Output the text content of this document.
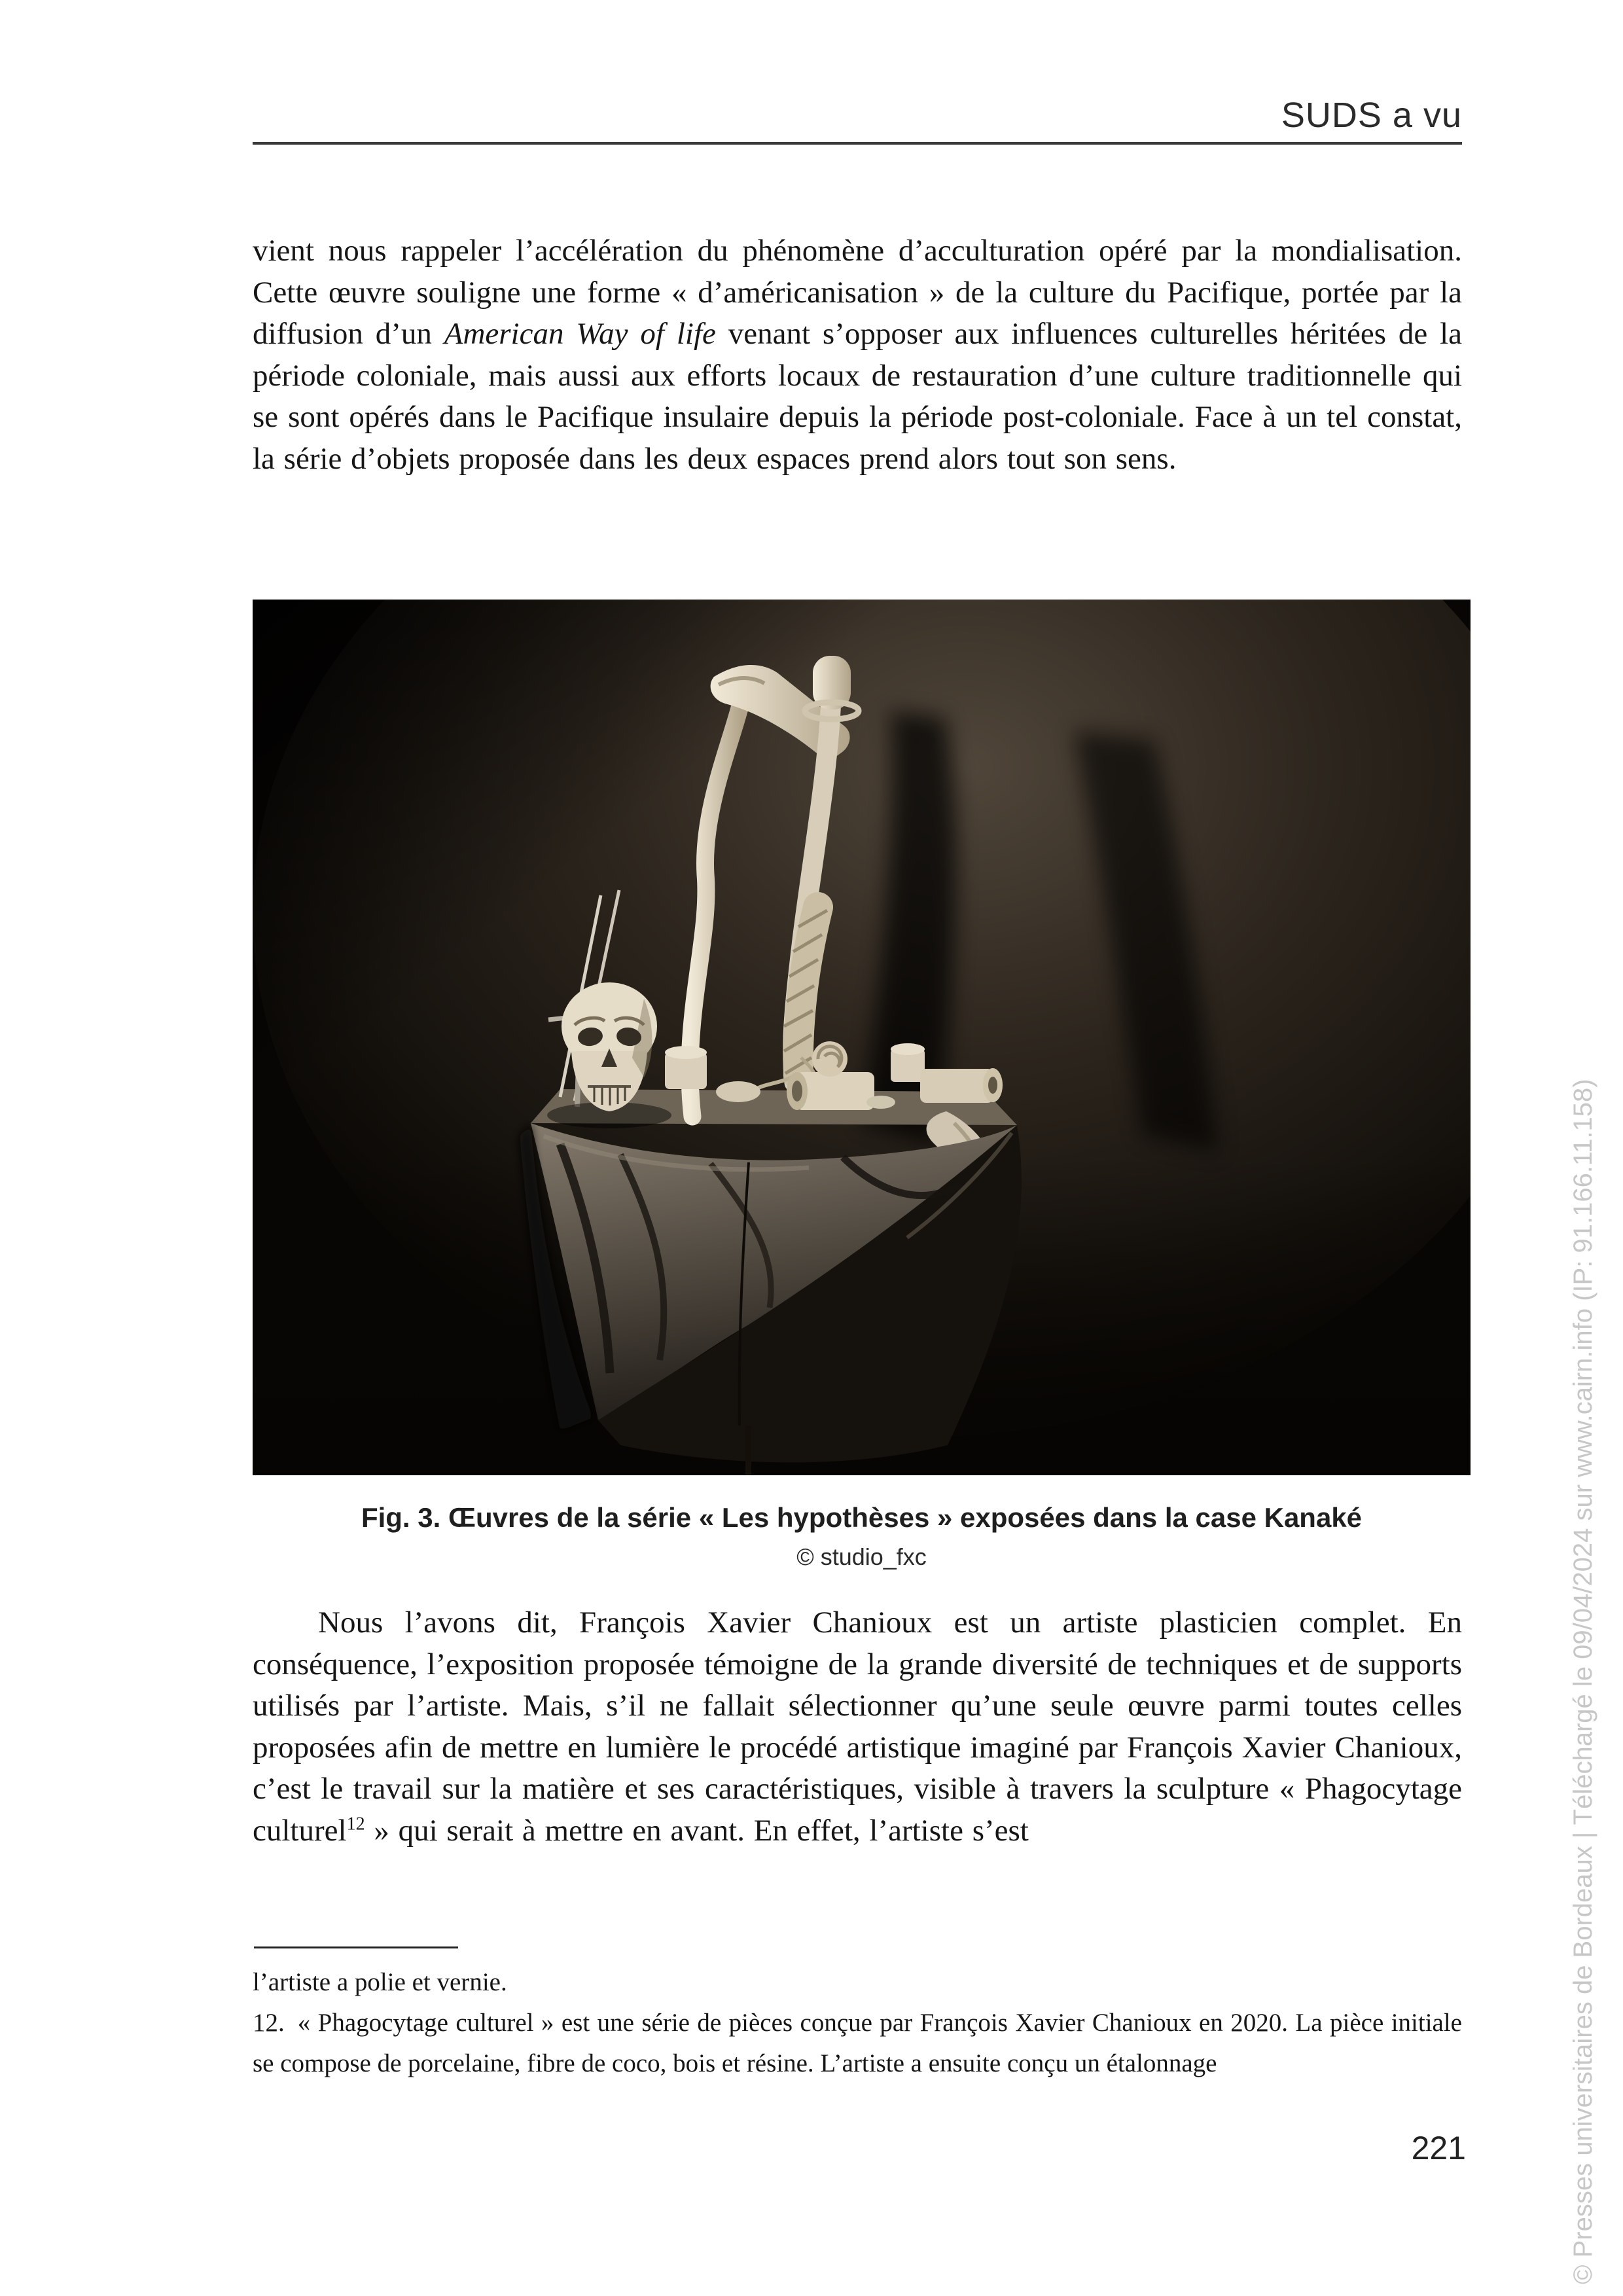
SUDS a vu

vient nous rappeler l’accélération du phénomène d’acculturation opéré par la mondialisation. Cette œuvre souligne une forme « d’américanisation » de la culture du Pacifique, portée par la diffusion d’un American Way of life venant s’opposer aux influences culturelles héritées de la période coloniale, mais aussi aux efforts locaux de restauration d’une culture traditionnelle qui se sont opérés dans le Pacifique insulaire depuis la période post-coloniale. Face à un tel constat, la série d’objets proposée dans les deux espaces prend alors tout son sens.

Fig. 3. Œuvres de la série « Les hypothèses » exposées dans la case Kanaké
© studio_fxc

Nous l’avons dit, François Xavier Chanioux est un artiste plasticien complet. En conséquence, l’exposition proposée témoigne de la grande diversité de techniques et de supports utilisés par l’artiste. Mais, s’il ne fallait sélectionner qu’une seule œuvre parmi toutes celles proposées afin de mettre en lumière le procédé artistique imaginé par François Xavier Chanioux, c’est le travail sur la matière et ses caractéristiques, visible à travers la sculpture « Phagocytage culturel$^{12}$ » qui serait à mettre en avant. En effet, l’artiste s’est

l’artiste a polie et vernie.

12. « Phagocytage culturel » est une série de pièces conçue par François Xavier Chanioux en 2020. La pièce initiale se compose de porcelaine, fibre de coco, bois et résine. L’artiste a ensuite conçu un étalonnage

221	© Presses universitaires de Bordeaux | Téléchargé le 09/04/2024 sur www.cairn.info (IP: 91.166.11.158)
